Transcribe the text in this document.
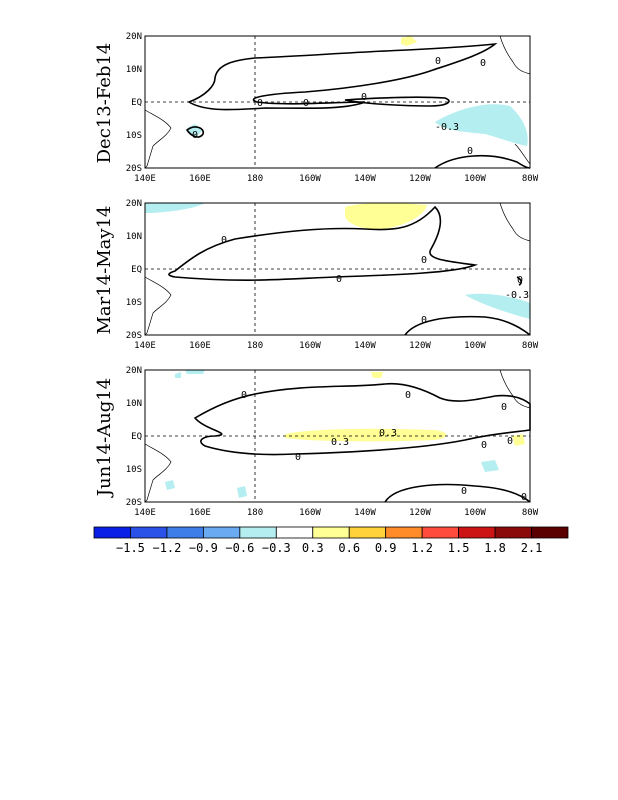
Dec13-Feb14
Mar14-May14
Jun14-Aug14
0	0
0
0	0
0
0
-0.3
20N
10N
EQ
10S
20S
140E	160E	180	160W	140W	120W	100W	80W
0
0
0
0
0
-0.3
20N
10N
EQ
10S
20S
140E	160E	180	160W	140W	120W	100W	80W
0
0
0
0
0
0
0
0
0.3
0.3
20N
10N
EQ
10S
20S
140E	160E	180	160W	140W	120W	100W	80W
−1.5 −1.2 −0.9 −0.6 −0.3 0.3 0.6 0.9 1.2 1.5 1.8 2.1
